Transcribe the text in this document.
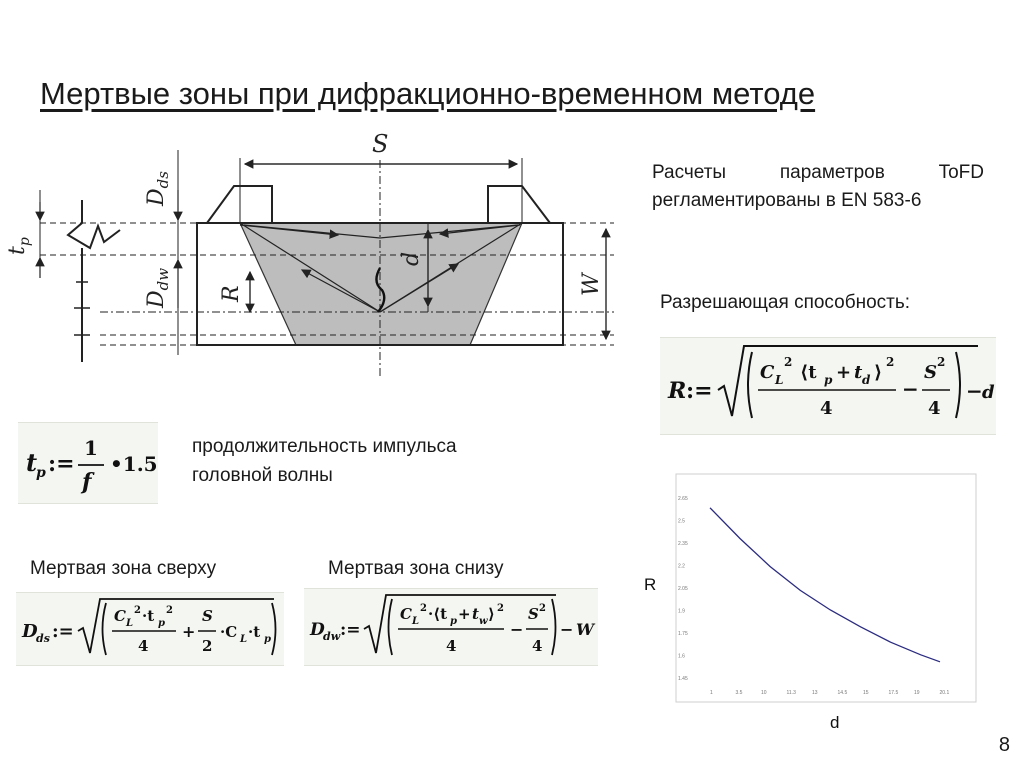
Мертвые зоны при дифракционно-временном методе
Расчеты параметров ToFD
регламентированы в EN 583-6
Разрешающая способность:
продолжительность импульса
головной волны
Мертвая зона сверху	Мертвая зона снизу
S
$D_{ds}$
$D_{dw}$
$t_p$
d
R	W
R :=
C L
2 ⟨t p + t d ⟩ 2
4
−
S 2
4
− d
t
p :=
1
f
•1.5
D
ds :=
C L
2 ·t p
2
4
+
S
2
·C L ·t p D
dw :=
C L
2 ·⟨t p + t w ⟩ 2
4
−
S 2
4
− W
2.65
2.5
2.35
2.2
2.05
1.9
1.75
1.6
1.45
1	3.5	10	11.3	13	14.5	15	17.5	19	20.1
R
d
8
